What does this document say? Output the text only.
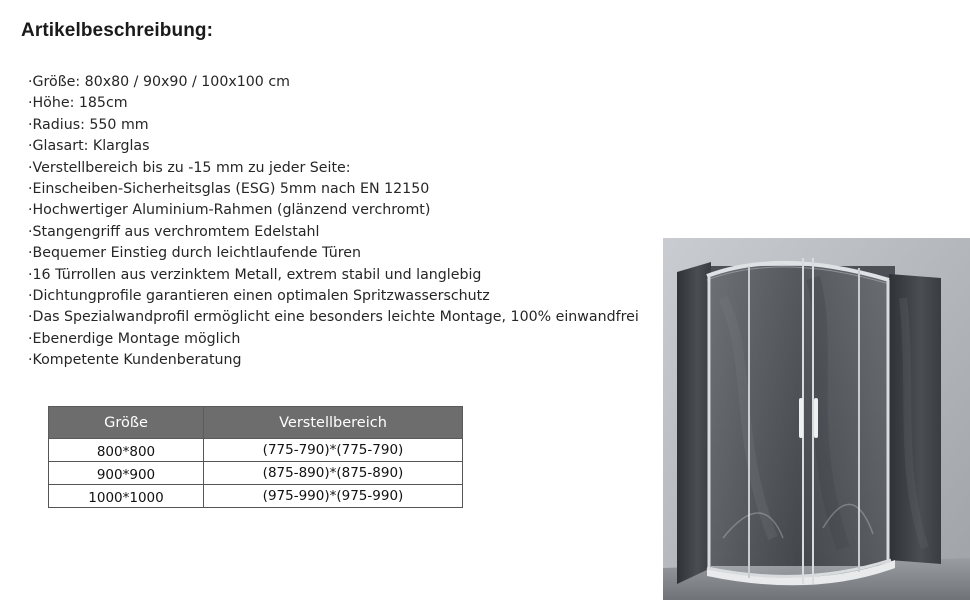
Artikelbeschreibung:
· Größe: 80x80 / 90x90 / 100x100 cm
· Höhe: 185cm
· Radius: 550 mm
· Glasart: Klarglas
· Verstellbereich bis zu -15 mm zu jeder Seite:
· Einscheiben-Sicherheitsglas (ESG) 5mm nach EN 12150
· Hochwertiger Aluminium-Rahmen (glänzend verchromt)
· Stangengriff aus verchromtem Edelstahl
· Bequemer Einstieg durch leichtlaufende Türen
· 16 Türrollen aus verzinktem Metall, extrem stabil und langlebig
· Dichtungprofile garantieren einen optimalen Spritzwasserschutz
· Das Spezialwandprofil ermöglicht eine besonders leichte Montage, 100% einwandfrei
· Ebenerdige Montage möglich
· Kompetente Kundenberatung
Größe	Verstellbereich
800*800	(775-790)*(775-790)
900*900	(875-890)*(875-890)
1000*1000	(975-990)*(975-990)
